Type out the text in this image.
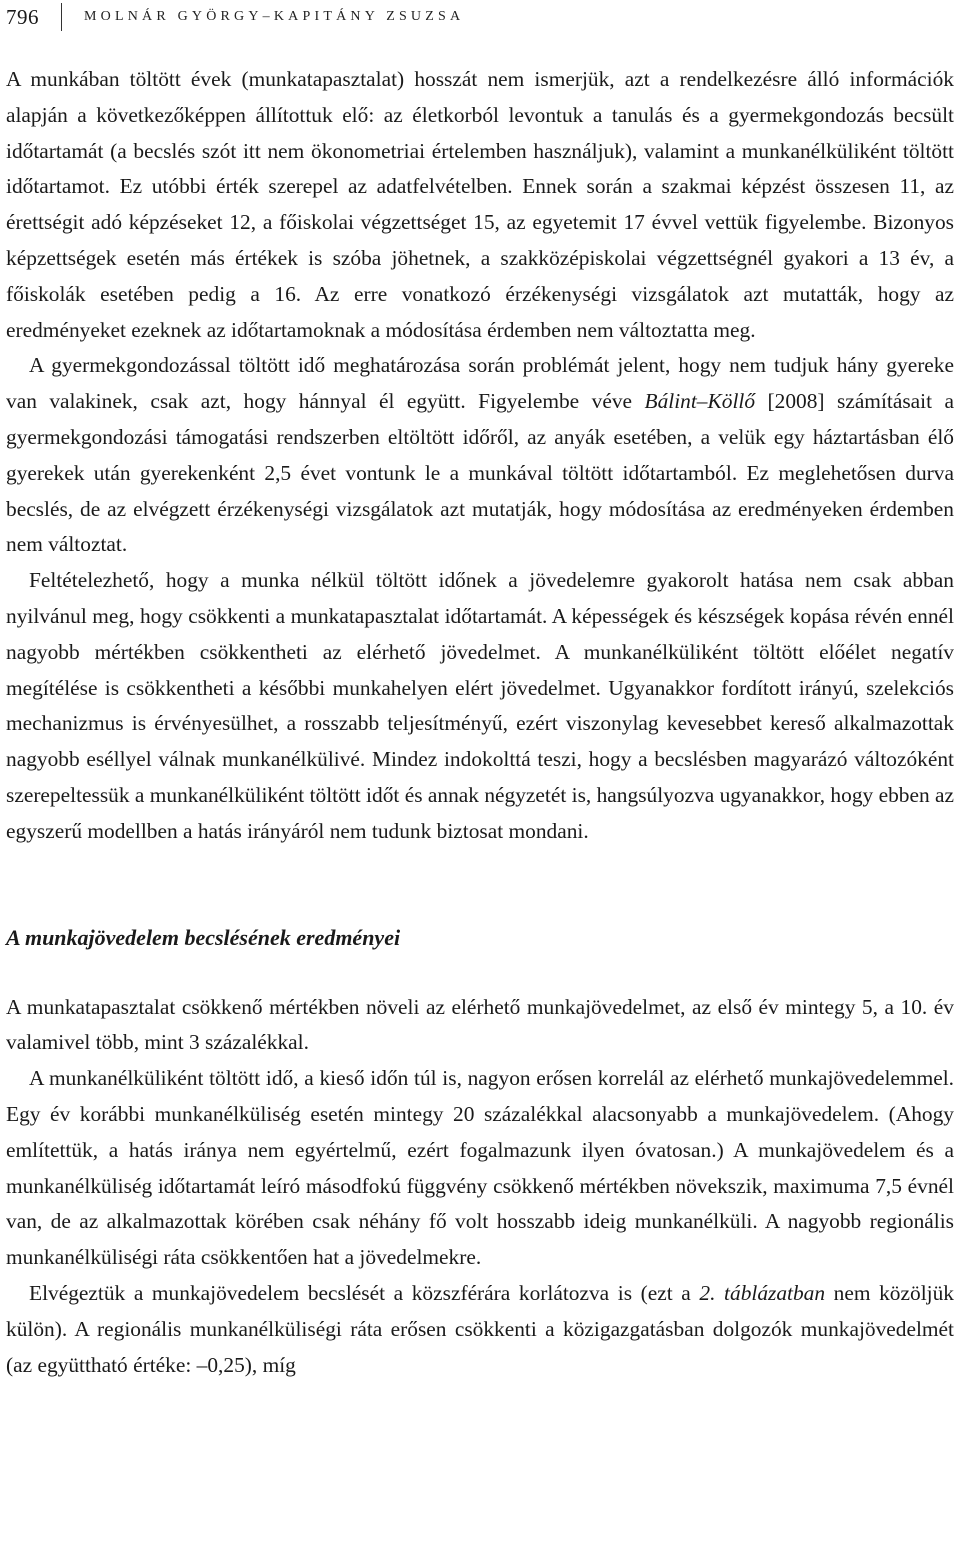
796	MOLNÁR GYÖRGY–KAPITÁNY ZSUZSA

A munkában töltött évek (munkatapasztalat) hosszát nem ismerjük, azt a rendelkezésre álló információk alapján a következőképpen állítottuk elő: az életkorból levontuk a tanulás és a gyermekgondozás becsült időtartamát (a becslés szót itt nem ökonometriai értelemben használjuk), valamint a munkanélküliként töltött időtartamot. Ez utóbbi érték szerepel az adatfelvételben. Ennek során a szakmai képzést összesen 11, az érettségit adó képzéseket 12, a főiskolai végzettséget 15, az egyetemit 17 évvel vettük figyelembe. Bizonyos képzettségek esetén más értékek is szóba jöhetnek, a szakközépiskolai végzettségnél gyakori a 13 év, a főiskolák esetében pedig a 16. Az erre vonatkozó érzékenységi vizsgálatok azt mutatták, hogy az eredményeket ezeknek az időtartamoknak a módosítása érdemben nem változtatta meg.

A gyermekgondozással töltött idő meghatározása során problémát jelent, hogy nem tudjuk hány gyereke van valakinek, csak azt, hogy hánnyal él együtt. Figyelembe véve Bálint–Köllő [2008] számításait a gyermekgondozási támogatási rendszerben eltöltött időről, az anyák esetében, a velük egy háztartásban élő gyerekek után gyerekenként 2,5 évet vontunk le a munkával töltött időtartamból. Ez meglehetősen durva becslés, de az elvégzett érzékenységi vizsgálatok azt mutatják, hogy módosítása az eredményeken érdemben nem változtat.

Feltételezhető, hogy a munka nélkül töltött időnek a jövedelemre gyakorolt hatása nem csak abban nyilvánul meg, hogy csökkenti a munkatapasztalat időtartamát. A képességek és készségek kopása révén ennél nagyobb mértékben csökkentheti az elérhető jövedelmet. A munkanélküliként töltött előélet negatív megítélése is csökkentheti a későbbi munkahelyen elért jövedelmet. Ugyanakkor fordított irányú, szelekciós mechanizmus is érvényesülhet, a rosszabb teljesítményű, ezért viszonylag kevesebbet kereső alkalmazottak nagyobb eséllyel válnak munkanélkülivé. Mindez indokolttá teszi, hogy a becslésben magyarázó változóként szerepeltessük a munkanélküliként töltött időt és annak négyzetét is, hangsúlyozva ugyanakkor, hogy ebben az egyszerű modellben a hatás irányáról nem tudunk biztosat mondani.

A munkajövedelem becslésének eredményei

A munkatapasztalat csökkenő mértékben növeli az elérhető munkajövedelmet, az első év mintegy 5, a 10. év valamivel több, mint 3 százalékkal.

A munkanélküliként töltött idő, a kieső időn túl is, nagyon erősen korrelál az elérhető munkajövedelemmel. Egy év korábbi munkanélküliség esetén mintegy 20 százalékkal alacsonyabb a munkajövedelem. (Ahogy említettük, a hatás iránya nem egyértelmű, ezért fogalmazunk ilyen óvatosan.) A munkajövedelem és a munkanélküliség időtartamát leíró másodfokú függvény csökkenő mértékben növekszik, maximuma 7,5 évnél van, de az alkalmazottak körében csak néhány fő volt hosszabb ideig munkanélküli. A nagyobb regionális munkanélküliségi ráta csökkentően hat a jövedelmekre.

Elvégeztük a munkajövedelem becslését a közszférára korlátozva is (ezt a 2. táblázatban nem közöljük külön). A regionális munkanélküliségi ráta erősen csökkenti a közigazgatásban dolgozók munkajövedelmét (az együttható értéke: –0,25), míg
